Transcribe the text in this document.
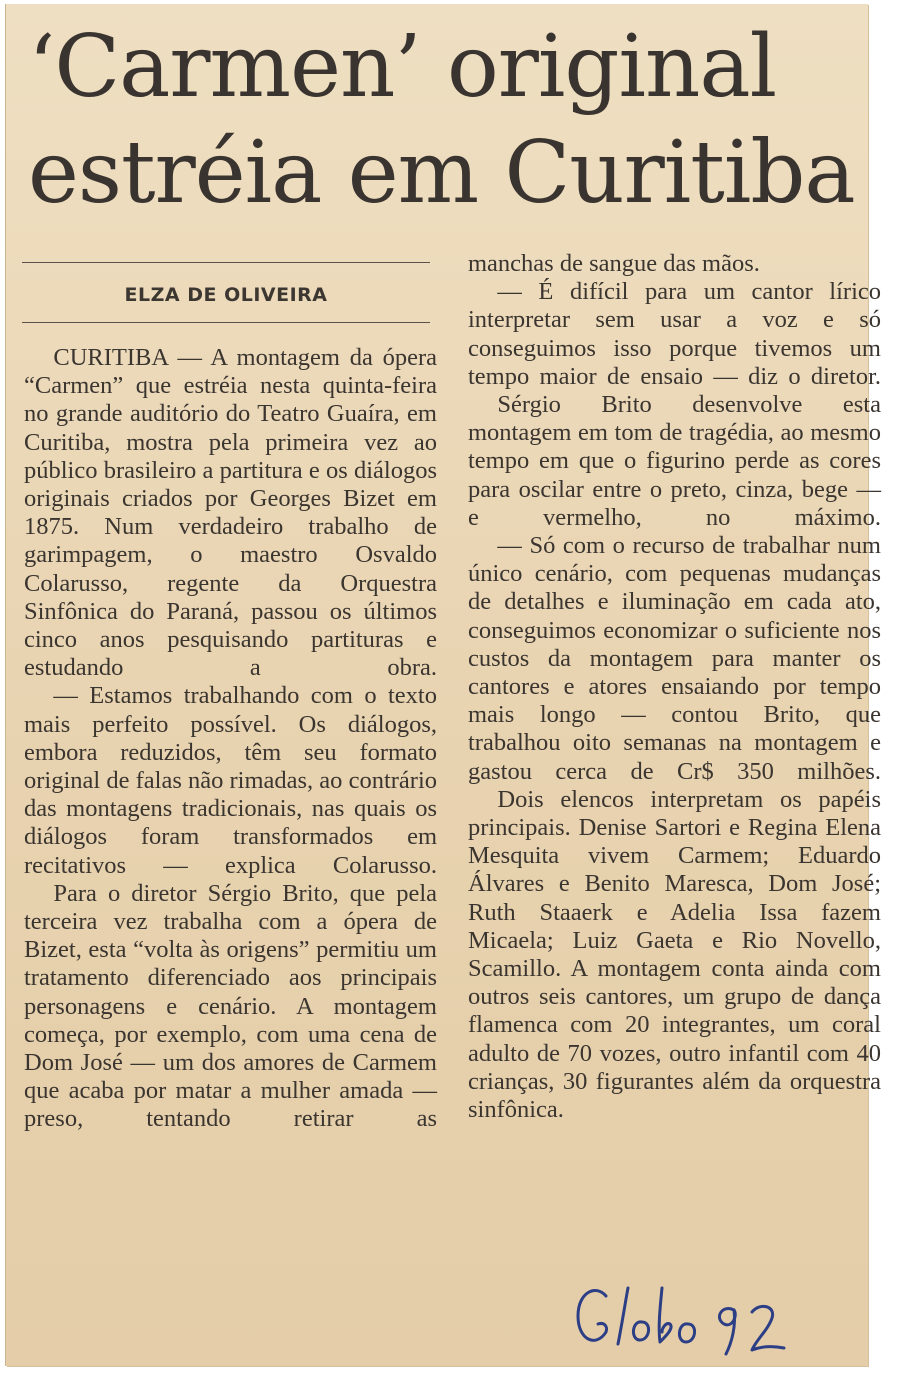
‘Carmen’ original
estréia em Curitiba

ELZA DE OLIVEIRA

CURITIBA — A montagem da ópera “Carmen” que estréia nesta quinta-feira no grande auditório do Teatro Guaíra, em Curitiba, mostra pela primeira vez ao público brasileiro a partitura e os diálogos originais criados por Georges Bizet em 1875. Num verdadeiro trabalho de garimpagem, o maestro Osvaldo Colarusso, regente da Orquestra Sinfônica do Paraná, passou os últimos cinco anos pesquisando partituras e estudando a obra.

— Estamos trabalhando com o texto mais perfeito possível. Os diálogos, embora reduzidos, têm seu formato original de falas não rimadas, ao contrário das montagens tradicionais, nas quais os diálogos foram transformados em recitativos — explica Colarusso.

Para o diretor Sérgio Brito, que pela terceira vez trabalha com a ópera de Bizet, esta “volta às origens” permitiu um tratamento diferenciado aos principais personagens e cenário. A montagem começa, por exemplo, com uma cena de Dom José — um dos amores de Carmem que acaba por matar a mulher amada — preso, tentando retirar as

manchas de sangue das mãos.

— É difícil para um cantor lírico interpretar sem usar a voz e só conseguimos isso porque tivemos um tempo maior de ensaio — diz o diretor.

Sérgio Brito desenvolve esta montagem em tom de tragédia, ao mesmo tempo em que o figurino perde as cores para oscilar entre o preto, cinza, bege — e vermelho, no máximo.

— Só com o recurso de trabalhar num único cenário, com pequenas mudanças de detalhes e iluminação em cada ato, conseguimos economizar o suficiente nos custos da montagem para manter os cantores e atores ensaiando por tempo mais longo — contou Brito, que trabalhou oito semanas na montagem e gastou cerca de Cr$ 350 milhões.

Dois elencos interpretam os papéis principais. Denise Sartori e Regina Elena Mesquita vivem Carmem; Eduardo Álvares e Benito Maresca, Dom José; Ruth Staaerk e Adelia Issa fazem Micaela; Luiz Gaeta e Rio Novello, Scamillo. A montagem conta ainda com outros seis cantores, um grupo de dança flamenca com 20 integrantes, um coral adulto de 70 vozes, outro infantil com 40 crianças, 30 figurantes além da orquestra sinfônica.
